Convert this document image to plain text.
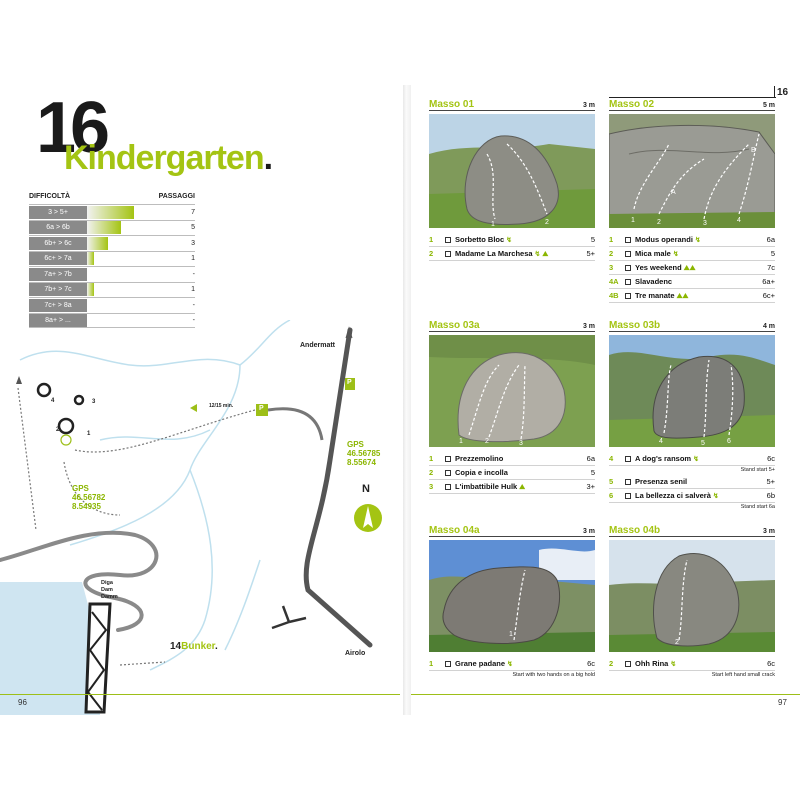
16
Kindergarten.
DIFFICOLTÀ	PASSAGGI
3 > 5+	7
6a > 6b	5
6b+ > 6c	3
6c+ > 7a	1
7a+ > 7b	-
7b+ > 7c	1
7c+ > 8a	-
8a+ > ...	-
Andermatt
Airolo
12/15 min.	P
P
GPS
46.56785
8.55674
GPS
46.56782
8.54935
N
Diga
Dam
Damm
14Bunker.
4	3
2
1
96
16
Masso 01	3 m
1	2
1	Sorbetto Bloc ↯	5
2	Madame La Marchesa ↯ ⛰	5+
Masso 02	5 m
1	2	3	4
A
B
1	Modus operandi ↯	6a
2	Mica male ↯	5
3	Yes weekend ⛰⛰	7c
4A	Slavadenc	6a+
4B	Tre manate ⛰⛰	6c+
Masso 03a	3 m
1	2	3
1	Prezzemolino	6a
2	Copia e incolla	5
3	L'imbattibile Hulk ⛰	3+
Masso 03b	4 m
4	5	6
4	A dog's ransom ↯	6c
Stand start 5+
5	Presenza senil	5+
6	La bellezza ci salverà ↯	6b
Stand start 6a
Masso 04a	3 m
1
1	Grane padane ↯	6c
Start with two hands on a big hold
Masso 04b	3 m
2
2	Ohh Rina ↯	6c
Start left hand small crack
97
